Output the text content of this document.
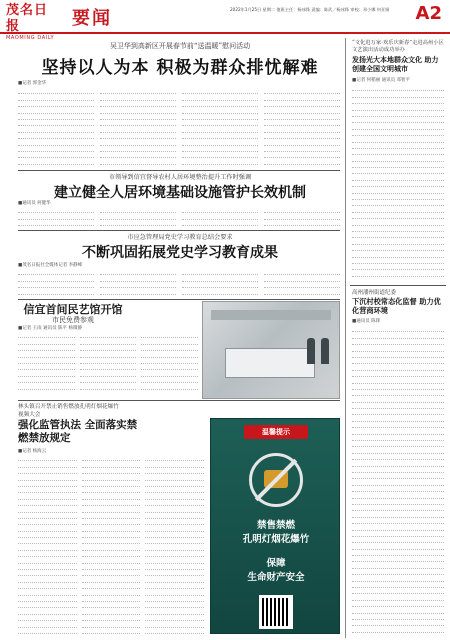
茂名日报
MAOMING DAILY
要闻	2022年1月25日 星期二 值班主任：杨冰锋 责编：陈武／杨冰锋 审校：邓小娜 何亚娟 A2
吴卫华到高新区开展春节前“送温暖”慰问活动
坚持以人为本 积极为群众排忧解难
■记者 郭金华
市领导到信宜督导农村人居环境整治提升工作时强调
建立健全人居环境基础设施管护长效机制
■通讯员 何健华
市应急管理局党史学习教育总结会要求
不断巩固拓展党史学习教育成果
■茂名日报社全媒体记者 李静峰
信宜首间民艺馆开馆
市民免费参观
■记者 王雨 通讯员 陈平 杨微静
林头镇召开禁止销售燃放孔明灯烟花爆竹视频大会
强化监管执法 全面落实禁燃禁放规定
■记者 杨海云
温馨提示
禁售禁燃
孔明灯烟花爆竹
保障
生命财产安全
“文化进万家·欢乐庆新春”走进高州小区文艺演出活动成功举办
发扬光大本地群众文化 助力创建全国文明城市
■记者 何稻丽 通讯员 邓智平
高州潘州街道纪委
下沉村校常态化监督 助力优化营商环境
■通讯员 陈锋
